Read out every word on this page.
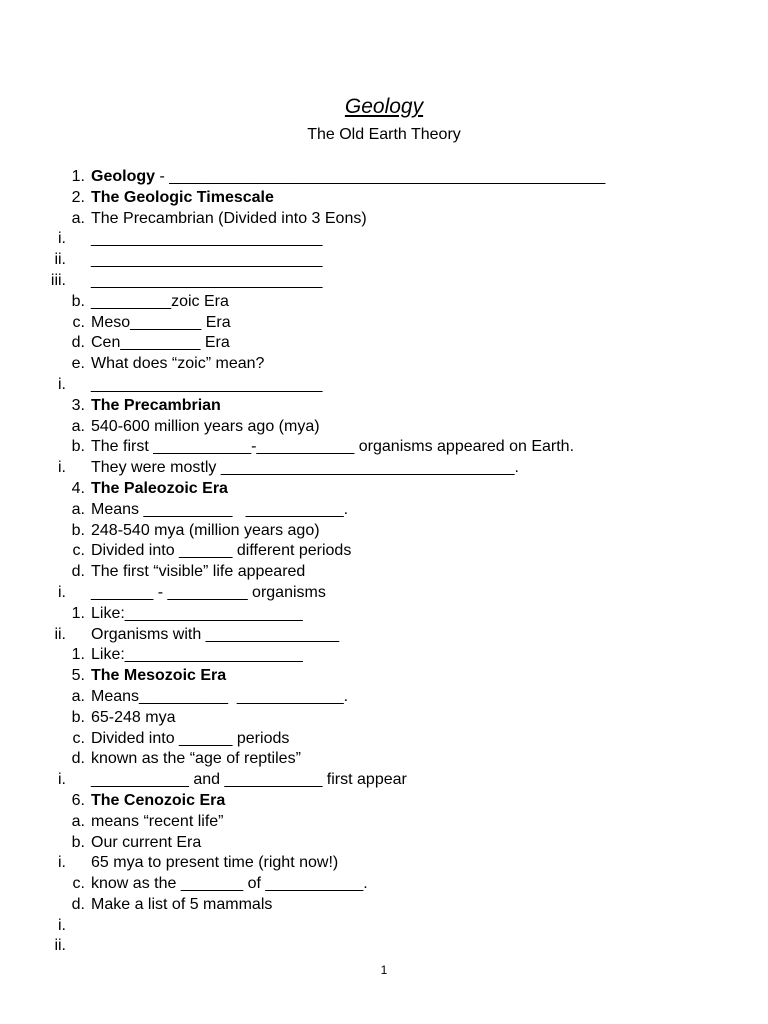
Geology
The Old Earth Theory
1. Geology - _________________________________________________
2. The Geologic Timescale
a. The Precambrian (Divided into 3 Eons)
i. __________________________
ii. __________________________
iii. __________________________
b. _________zoic Era
c. Meso________ Era
d. Cen_________ Era
e. What does “zoic” mean?
i. __________________________
3. The Precambrian
a. 540-600 million years ago (mya)
b. The first ___________-___________ organisms appeared on Earth.
i. They were mostly _________________________________.
4. The Paleozoic Era
a. Means __________   ___________.
b. 248-540 mya (million years ago)
c. Divided into ______ different periods
d. The first “visible” life appeared
i. _______ - _________ organisms
1. Like:____________________
ii. Organisms with _______________
1. Like:____________________
5. The Mesozoic Era
a. Means__________  ____________.
b. 65-248 mya
c. Divided into ______ periods
d. known as the “age of reptiles”
i. ___________ and ___________ first appear
6. The Cenozoic Era
a. means “recent life”
b. Our current Era
i. 65 mya to present time (right now!)
c. know as the _______ of ___________.
d. Make a list of 5 mammals
i.
ii.
1
